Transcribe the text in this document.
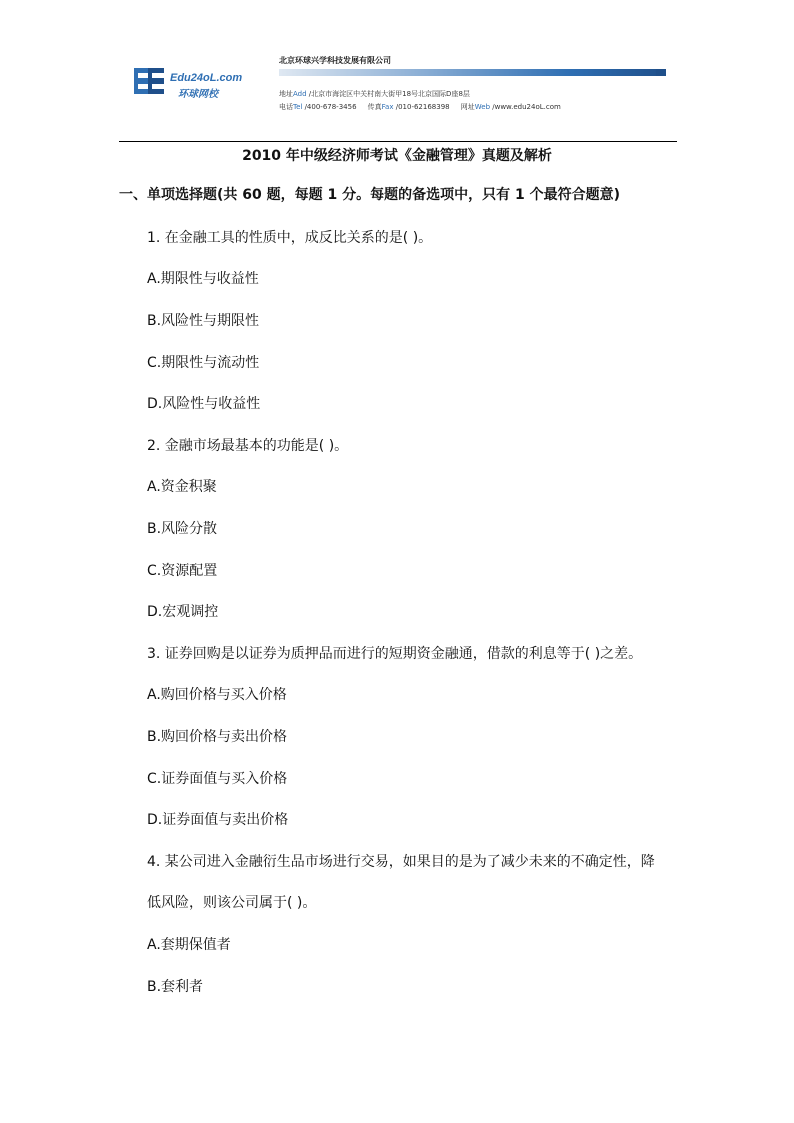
Edu24oL.com
环球网校
北京环球兴学科技发展有限公司
地址Add /北京市海淀区中关村南大街甲18号北京国际D座8层
电话Tel /400-678-3456 传真Fax /010-62168398 网址Web /www.edu24oL.com
2010 年中级经济师考试《金融管理》真题及解析
一、单项选择题(共 60 题，每题 1 分。每题的备选项中，只有 1 个最符合题意)
1. 在金融工具的性质中，成反比关系的是( )。
A.期限性与收益性
B.风险性与期限性
C.期限性与流动性
D.风险性与收益性
2. 金融市场最基本的功能是( )。
A.资金积聚
B.风险分散
C.资源配置
D.宏观调控
3. 证券回购是以证券为质押品而进行的短期资金融通，借款的利息等于( )之差。
A.购回价格与买入价格
B.购回价格与卖出价格
C.证券面值与买入价格
D.证券面值与卖出价格
4. 某公司进入金融衍生品市场进行交易，如果目的是为了减少未来的不确定性，降
低风险，则该公司属于( )。
A.套期保值者
B.套利者
